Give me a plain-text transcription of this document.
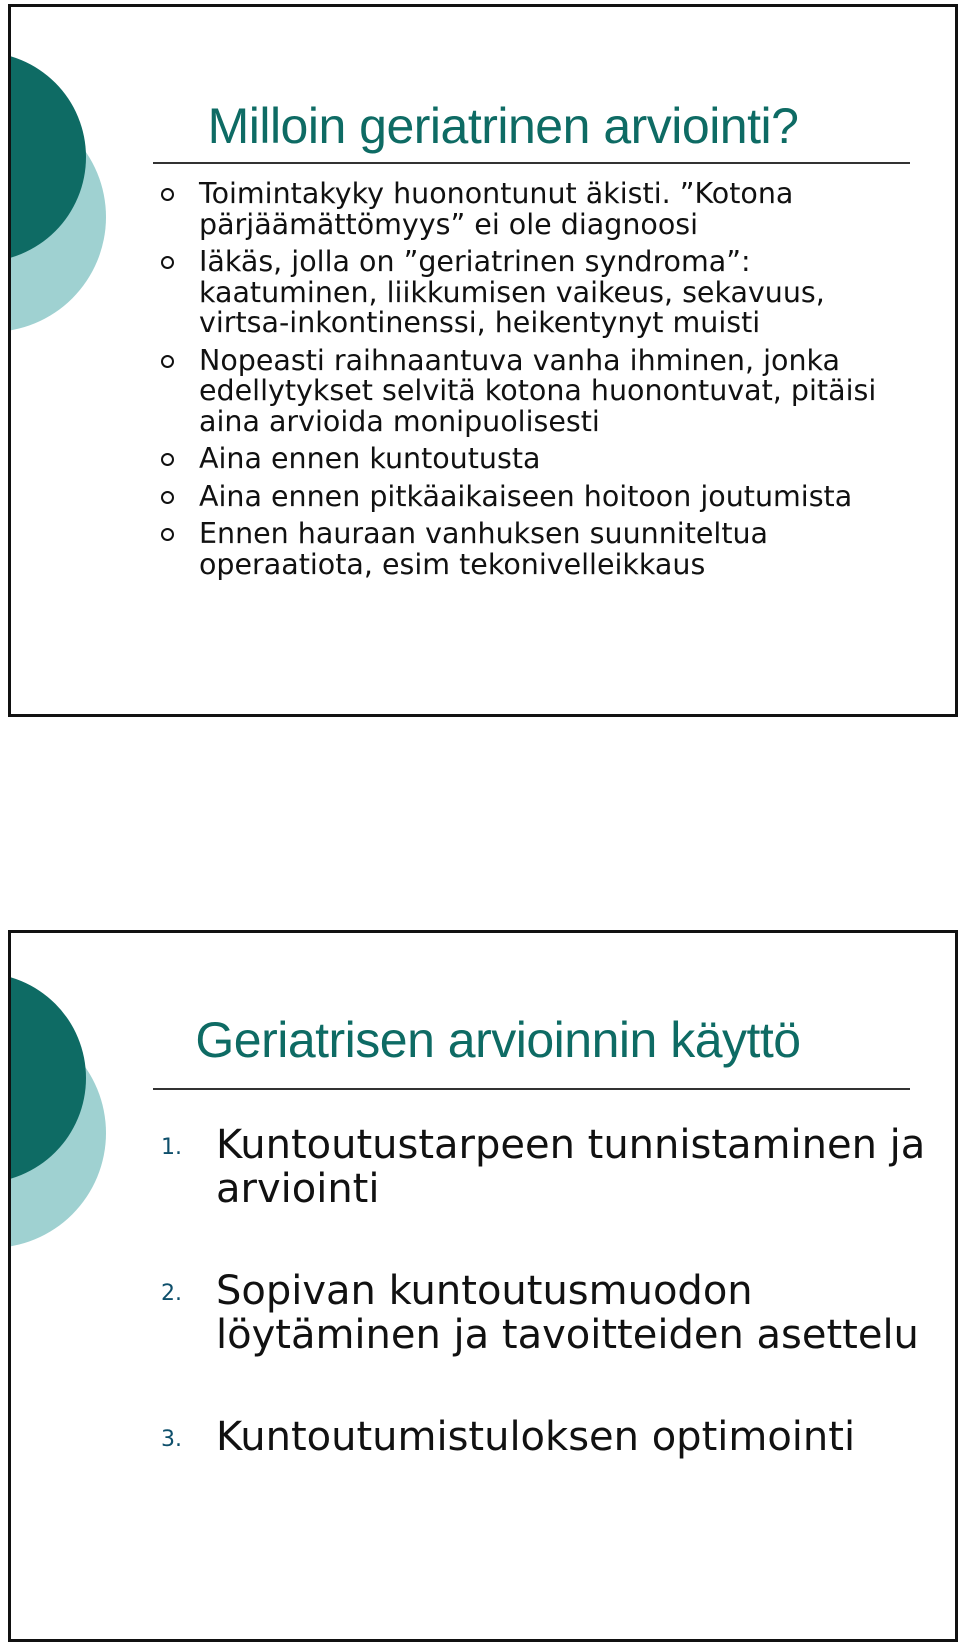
Milloin geriatrinen arviointi?
Toimintakyky huonontunut äkisti. ”Kotona pärjäämättömyys” ei ole diagnoosi
Iäkäs, jolla on ”geriatrinen syndroma”: kaatuminen, liikkumisen vaikeus, sekavuus, virtsa-inkontinenssi, heikentynyt muisti
Nopeasti raihnaantuva vanha ihminen, jonka edellytykset selvitä kotona huonontuvat, pitäisi aina arvioida monipuolisesti
Aina ennen kuntoutusta
Aina ennen pitkäaikaiseen hoitoon joutumista
Ennen hauraan vanhuksen suunniteltua operaatiota, esim tekonivelleikkaus
Geriatrisen arvioinnin käyttö
1. Kuntoutustarpeen tunnistaminen ja arviointi
2. Sopivan kuntoutusmuodon löytäminen ja tavoitteiden asettelu
3. Kuntoutumistuloksen optimointi
